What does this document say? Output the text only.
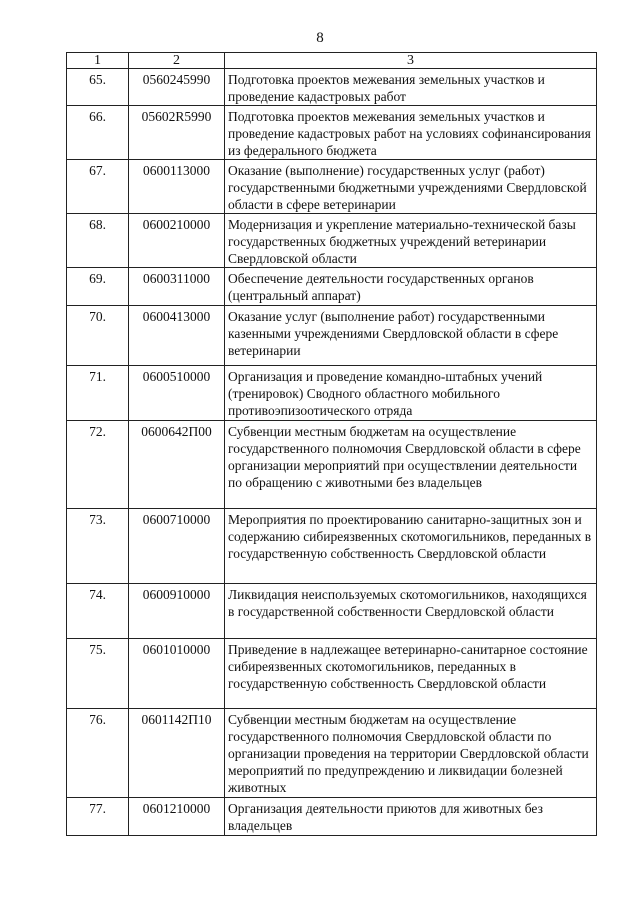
8
1	2	3
65.	0560245990	Подготовка проектов межевания земельных участков и проведение кадастровых работ
66.	05602R5990	Подготовка проектов межевания земельных участков и проведение кадастровых работ на условиях софинансирования из федерального бюджета
67.	0600113000	Оказание (выполнение) государственных услуг (работ) государственными бюджетными учреждениями Свердловской области в сфере ветеринарии
68.	0600210000	Модернизация и укрепление материально-технической базы государственных бюджетных учреждений ветеринарии Свердловской области
69.	0600311000	Обеспечение деятельности государственных органов (центральный аппарат)
70.	0600413000	Оказание услуг (выполнение работ) государственными казенными учреждениями Свердловской области в сфере ветеринарии
71.	0600510000	Организация и проведение командно-штабных учений (тренировок) Сводного областного мобильного противоэпизоотического отряда
72.	0600642П00	Субвенции местным бюджетам на осуществление государственного полномочия Свердловской области в сфере организации мероприятий при осуществлении деятельности по обращению с животными без владельцев
73.	0600710000	Мероприятия по проектированию санитарно-защитных зон и содержанию сибиреязвенных скотомогильников, переданных в государственную собственность Свердловской области
74.	0600910000	Ликвидация неиспользуемых скотомогильников, находящихся в государственной собственности Свердловской области
75.	0601010000	Приведение в надлежащее ветеринарно-санитарное состояние сибиреязвенных скотомогильников, переданных в государственную собственность Свердловской области
76.	0601142П10	Субвенции местным бюджетам на осуществление государственного полномочия Свердловской области по организации проведения на территории Свердловской области мероприятий по предупреждению и ликвидации болезней животных
77.	0601210000	Организация деятельности приютов для животных без владельцев
